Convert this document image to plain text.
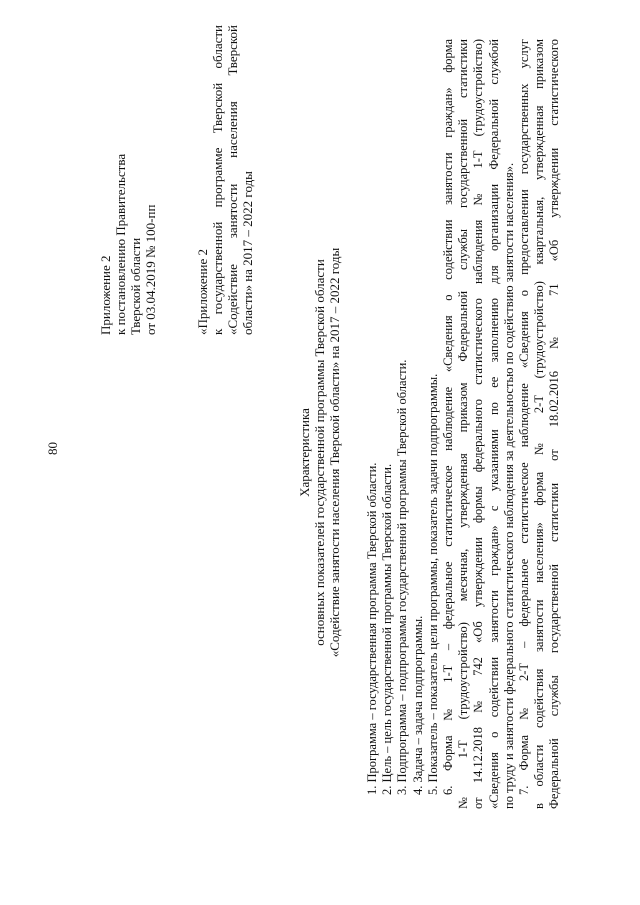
80
Приложение 2 к постановлению Правительства Тверской области от 03.04.2019 № 100-пп	«Приложение 2 к государственной программе Тверской области «Содействие занятости населения Тверской области» на 2017 – 2022 годы
Характеристика основных показателей государственной программы Тверской области «Содействие занятости населения Тверской области» на 2017 – 2022 годы 1. Программа – государственная программа Тверской области. 2. Цель – цель государственной программы Тверской области. 3. Подпрограмма – подпрограмма государственной программы Тверской области. 4. Задача – задача подпрограммы. 5. Показатель – показатель цели программы, показатель задачи подпрограммы. 6. Форма № 1-Т – федеральное статистическое наблюдение «Сведения о содействии занятости граждан» форма № 1-Т (трудоустройство) месячная, утвержденная приказом Федеральной службы государственной статистики от 14.12.2018 № 742 «Об утверждении формы федерального статистического наблюдения № 1-Т (трудоустройство) «Сведения о содействии занятости граждан» с указаниями по ее заполнению для организации Федеральной службой по труду и занятости федерального статистического наблюдения за деятельностью по содействию занятости населения». 7. Форма № 2-Т – федеральное статистическое наблюдение «Сведения о предоставлении государственных услуг в области содействия занятости населения» форма № 2-Т (трудоустройство) квартальная, утвержденная приказом Федеральной службы государственной статистики от 18.02.2016 № 71 «Об утверждении статистического
